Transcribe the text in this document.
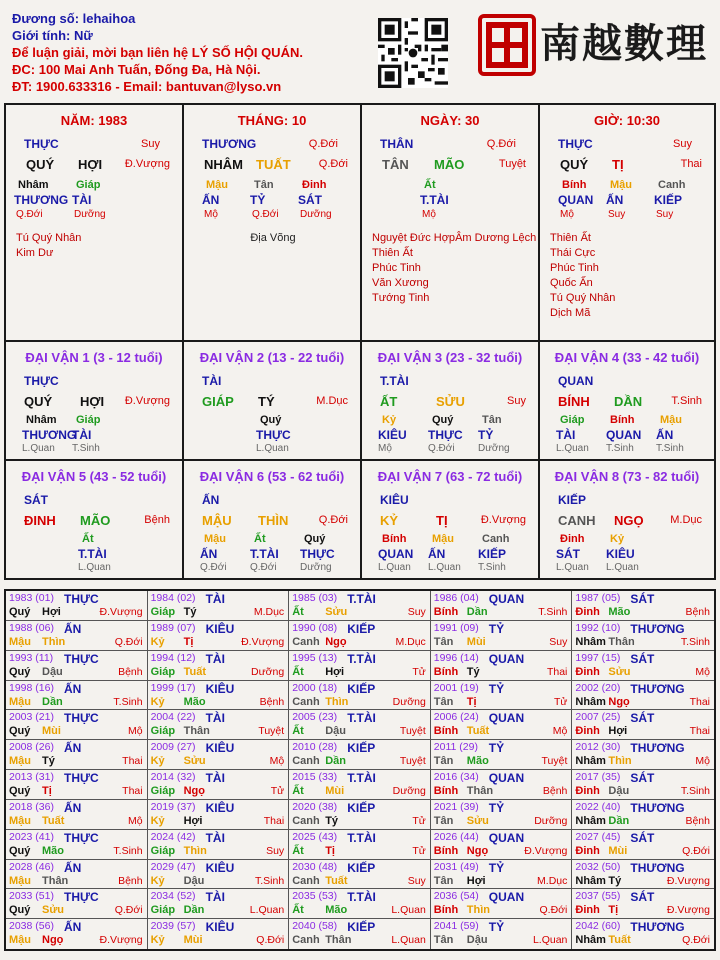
Đương số: lehaihoa
Giới tính: Nữ
Để luận giải, mời bạn liên hệ LÝ SỐ HỘI QUÁN.
ĐC: 100 Mai Anh Tuấn, Đống Đa, Hà Nội.
ĐT: 1900.633316 - Email: bantuvan@lyso.vn
南越數理
NĂM: 1983
THỰC	Suy
QUÝ HỢI Đ.Vượng
Nhâm
THƯƠNG
Q.Đới
Giáp
TÀI
Dưỡng
Tú Quý Nhân
Kim Dư
THÁNG: 10
THƯƠNG	Q.Đới
NHÂM TUẤT	Q.Đới
Mậu
ẤN
Mộ
Tân
TỶ
Q.Đới
Đinh
SÁT
Dưỡng
Địa Võng
NGÀY: 30
THÂN	Q.Đới
TÂN MÃO	Tuyệt
Ất
T.TÀI
Mộ
Nguyệt Đức HợpÂm Dương Lệch
Thiên Ất
Phúc Tinh
Văn Xương
Tướng Tinh
GIỜ: 10:30
THỰC	Suy
QUÝ TỊ	Thai
Bính
QUAN
Mộ
Mậu
ẤN
Suy
Canh
KIẾP
Suy
Thiên Ất
Thái Cực
Phúc Tinh
Quốc Ấn
Tú Quý Nhân
Dịch Mã
ĐẠI VẬN 1 (3 - 12 tuổi)
THỰC
QUÝ HỢI Đ.Vượng
Nhâm
THƯƠNG
L.Quan
Giáp
TÀI
T.Sinh
ĐẠI VẬN 2 (13 - 22 tuổi)
TÀI
GIÁP TÝ	M.Dục
Quý
THỰC
L.Quan
ĐẠI VẬN 3 (23 - 32 tuổi)
T.TÀI
ẤT	SỬU	Suy
Kỷ
KIÊU
Mộ
Quý
THỰC
Q.Đới
Tân
TỶ
Dưỡng
ĐẠI VẬN 4 (33 - 42 tuổi)
QUAN
BÍNH DẦN	T.Sinh
Giáp
TÀI
L.Quan
Bính
QUAN
T.Sinh
Mậu
ẤN
T.Sinh
ĐẠI VẬN 5 (43 - 52 tuổi)
SÁT
ĐINH MÃO	Bệnh
Ất
T.TÀI
L.Quan
ĐẠI VẬN 6 (53 - 62 tuổi)
ẤN
MẬU THÌN	Q.Đới
Mậu
ẤN
Q.Đới
Ất
T.TÀI
Q.Đới
Quý
THỰC
Dưỡng
ĐẠI VẬN 7 (63 - 72 tuổi)
KIÊU
KỶ	TỊ	Đ.Vượng
Bính
QUAN
L.Quan
Mậu
ẤN
L.Quan
Canh
KIẾP
T.Sinh
ĐẠI VẬN 8 (73 - 82 tuổi)
KIẾP
CANH NGỌ M.Dục
Đinh
SÁT
L.Quan
Kỷ
KIÊU
L.Quan
1983 (01) THỰC
Quý Hợi	Đ.Vượng
1984 (02) TÀI
Giáp Tý	M.Dục
1985 (03) T.TÀI
Ất Sửu	Suy
1986 (04) QUAN
Bính Dần	T.Sinh
1987 (05) SÁT
Đinh Mão	Bệnh
1988 (06) ẤN
Mậu Thìn	Q.Đới
1989 (07) KIÊU
Kỷ Tị	Đ.Vượng
1990 (08) KIẾP
Canh Ngọ	M.Dục
1991 (09) TỶ
Tân Mùi	Suy
1992 (10) THƯƠNG
Nhâm Thân	T.Sinh
1993 (11) THỰC
Quý Dậu	Bệnh
1994 (12) TÀI
Giáp Tuất	Dưỡng
1995 (13) T.TÀI
Ất Hợi	Tử
1996 (14) QUAN
Bính Tý	Thai
1997 (15) SÁT
Đinh Sửu	Mộ
1998 (16) ẤN
Mậu Dần	T.Sinh
1999 (17) KIÊU
Kỷ Mão	Bệnh
2000 (18) KIẾP
Canh Thìn	Dưỡng
2001 (19) TỶ
Tân Tị	Tử
2002 (20) THƯƠNG
Nhâm Ngọ	Thai
2003 (21) THỰC
Quý Mùi	Mộ
2004 (22) TÀI
Giáp Thân	Tuyệt
2005 (23) T.TÀI
Ất Dậu	Tuyệt
2006 (24) QUAN
Bính Tuất	Mộ
2007 (25) SÁT
Đinh Hợi	Thai
2008 (26) ẤN
Mậu Tý	Thai
2009 (27) KIÊU
Kỷ Sửu	Mộ
2010 (28) KIẾP
Canh Dần	Tuyệt
2011 (29) TỶ
Tân Mão	Tuyệt
2012 (30) THƯƠNG
Nhâm Thìn	Mộ
2013 (31) THỰC
Quý Tị	Thai
2014 (32) TÀI
Giáp Ngọ	Tử
2015 (33) T.TÀI
Ất Mùi	Dưỡng
2016 (34) QUAN
Bính Thân	Bệnh
2017 (35) SÁT
Đinh Dậu	T.Sinh
2018 (36) ẤN
Mậu Tuất	Mộ
2019 (37) KIÊU
Kỷ Hợi	Thai
2020 (38) KIẾP
Canh Tý	Tử
2021 (39) TỶ
Tân Sửu	Dưỡng
2022 (40) THƯƠNG
Nhâm Dần	Bệnh
2023 (41) THỰC
Quý Mão	T.Sinh
2024 (42) TÀI
Giáp Thìn	Suy
2025 (43) T.TÀI
Ất Tị	Tử
2026 (44) QUAN
Bính Ngọ	Đ.Vượng
2027 (45) SÁT
Đinh Mùi	Q.Đới
2028 (46) ẤN
Mậu Thân	Bệnh
2029 (47) KIÊU
Kỷ Dậu	T.Sinh
2030 (48) KIẾP
Canh Tuất	Suy
2031 (49) TỶ
Tân Hợi	M.Dục
2032 (50) THƯƠNG
Nhâm Tý	Đ.Vượng
2033 (51) THỰC
Quý Sửu	Q.Đới
2034 (52) TÀI
Giáp Dần	L.Quan
2035 (53) T.TÀI
Ất Mão	L.Quan
2036 (54) QUAN
Bính Thìn	Q.Đới
2037 (55) SÁT
Đinh Tị	Đ.Vượng
2038 (56) ẤN
Mậu Ngọ	Đ.Vượng
2039 (57) KIÊU
Kỷ Mùi	Q.Đới
2040 (58) KIẾP
Canh Thân	L.Quan
2041 (59) TỶ
Tân Dậu	L.Quan
2042 (60) THƯƠNG
Nhâm Tuất	Q.Đới
